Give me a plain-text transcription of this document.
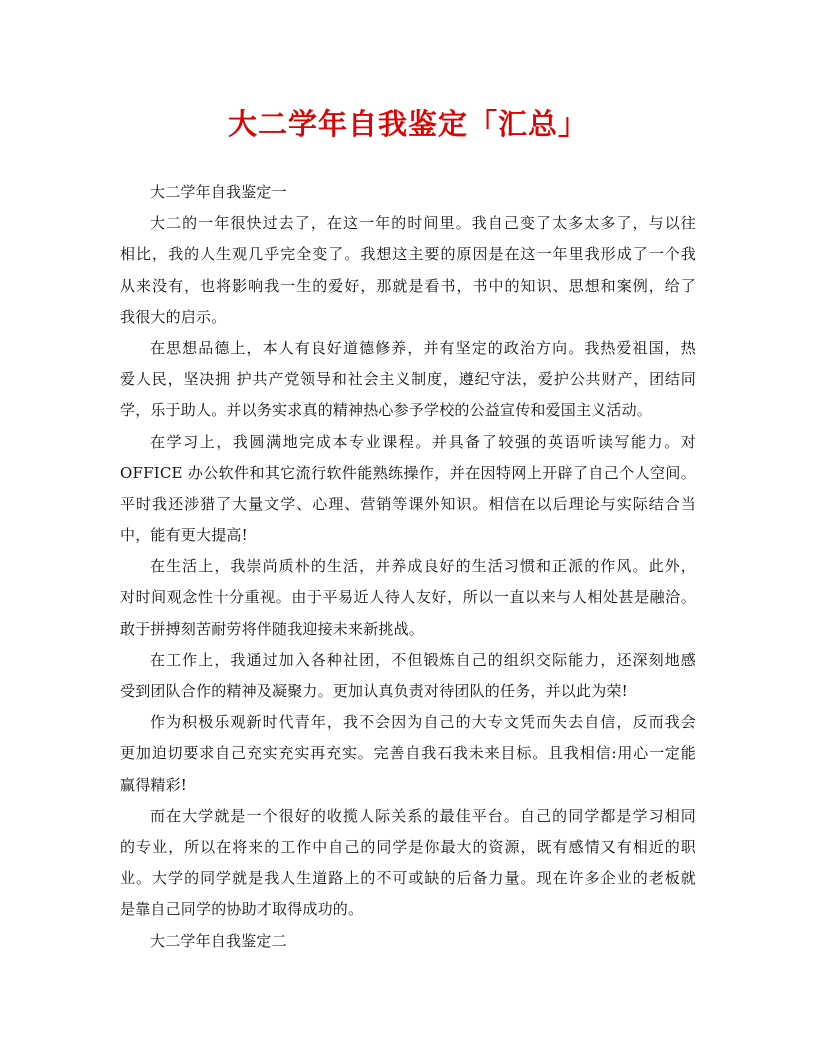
大二学年自我鉴定「汇总」
大二学年自我鉴定一
大二的一年很快过去了，在这一年的时间里。我自己变了太多太多了，与以往
相比，我的人生观几乎完全变了。我想这主要的原因是在这一年里我形成了一个我
从来没有，也将影响我一生的爱好，那就是看书，书中的知识、思想和案例，给了
我很大的启示。
在思想品德上，本人有良好道德修养，并有坚定的政治方向。我热爱祖国，热
爱人民，坚决拥 护共产党领导和社会主义制度，遵纪守法，爱护公共财产，团结同
学，乐于助人。并以务实求真的精神热心参予学校的公益宣传和爱国主义活动。
在学习上，我圆满地完成本专业课程。并具备了较强的英语听读写能力。对
OFFICE 办公软件和其它流行软件能熟练操作，并在因特网上开辟了自己个人空间。
平时我还涉猎了大量文学、心理、营销等课外知识。相信在以后理论与实际结合当
中，能有更大提高!
在生活上，我崇尚质朴的生活，并养成良好的生活习惯和正派的作风。此外，
对时间观念性十分重视。由于平易近人待人友好，所以一直以来与人相处甚是融洽。
敢于拼搏刻苦耐劳将伴随我迎接未来新挑战。
在工作上，我通过加入各种社团，不但锻炼自己的组织交际能力，还深刻地感
受到团队合作的精神及凝聚力。更加认真负责对待团队的任务，并以此为荣!
作为积极乐观新时代青年，我不会因为自己的大专文凭而失去自信，反而我会
更加迫切要求自己充实充实再充实。完善自我石我未来目标。且我相信:用心一定能
赢得精彩!
而在大学就是一个很好的收揽人际关系的最佳平台。自己的同学都是学习相同
的专业，所以在将来的工作中自己的同学是你最大的资源，既有感情又有相近的职
业。大学的同学就是我人生道路上的不可或缺的后备力量。现在许多企业的老板就
是靠自己同学的协助才取得成功的。
大二学年自我鉴定二
